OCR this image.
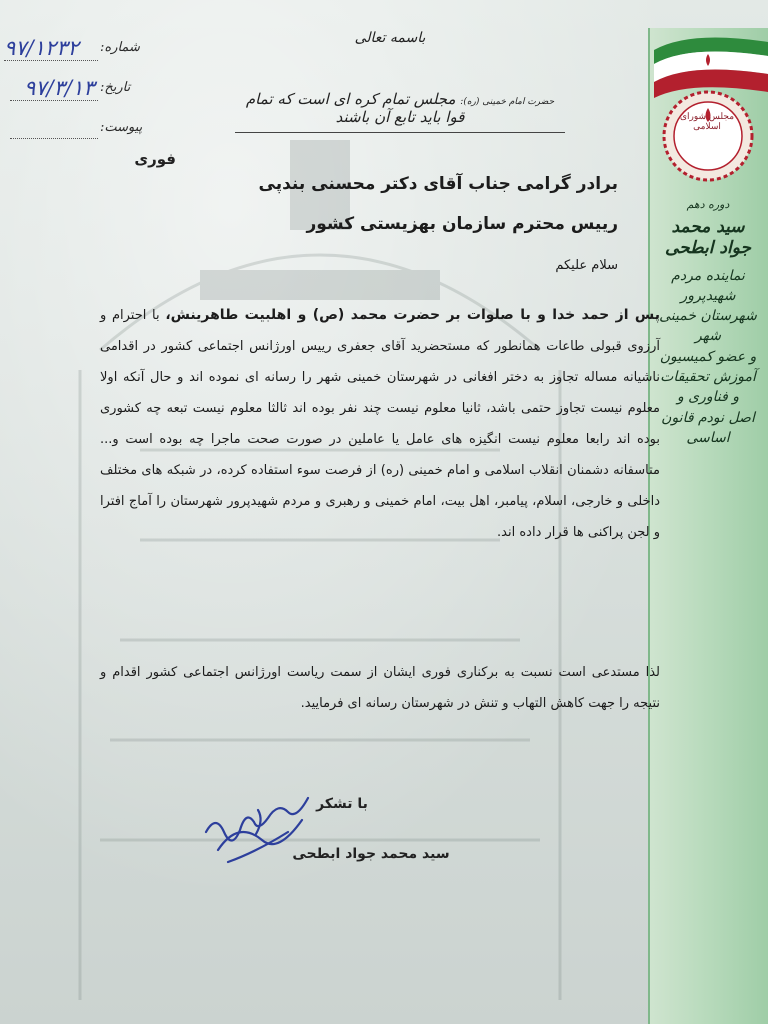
مجلس شورای اسلامی
دوره دهم
سید محمد جواد ابطحی
نماینده مردم شهیدپرور
شهرستان خمینی شهر
و عضو کمیسیون
آموزش تحقیقات
و فناوری و
اصل نودم قانون اساسی
۹۷/۱۲۳۲ شماره:
۹۷/۳/۱۳ تاریخ:
پیوست:
فوری
باسمه تعالی
حضرت امام خمینی (ره): مجلس تمام کره ای است که تمام قوا باید تابع آن باشند
برادر گرامی جناب آقای دکتر محسنی بندپی
رییس محترم سازمان بهزیستی کشور
سلام علیکم
پس از حمد خدا و با صلوات بر حضرت محمد (ص) و اهلبیت طاهرینش، با احترام و آرزوی قبولی طاعات همانطور که مستحضرید آقای جعفری رییس اورژانس اجتماعی کشور در اقدامی ناشیانه مساله تجاوز به دختر افغانی در شهرستان خمینی شهر را رسانه ای نموده اند و حال آنکه اولا معلوم نیست تجاوز حتمی باشد، ثانیا معلوم نیست چند نفر بوده اند ثالثا معلوم نیست تبعه چه کشوری بوده اند رابعا معلوم نیست انگیزه های عامل یا عاملین در صورت صحت ماجرا چه بوده است و... متاسفانه دشمنان انقلاب اسلامی و امام خمینی (ره) از فرصت سوء استفاده کرده، در شبکه های مختلف داخلی و خارجی، اسلام، پیامبر، اهل بیت، امام خمینی و رهبری و مردم شهیدپرور شهرستان را آماج افترا و لجن پراکنی ها قرار داده اند.
لذا مستدعی است نسبت به برکناری فوری ایشان از سمت ریاست اورژانس اجتماعی کشور اقدام و نتیجه را جهت کاهش التهاب و تنش در شهرستان رسانه ای فرمایید.
با تشکر
سید محمد جواد ابطحی
